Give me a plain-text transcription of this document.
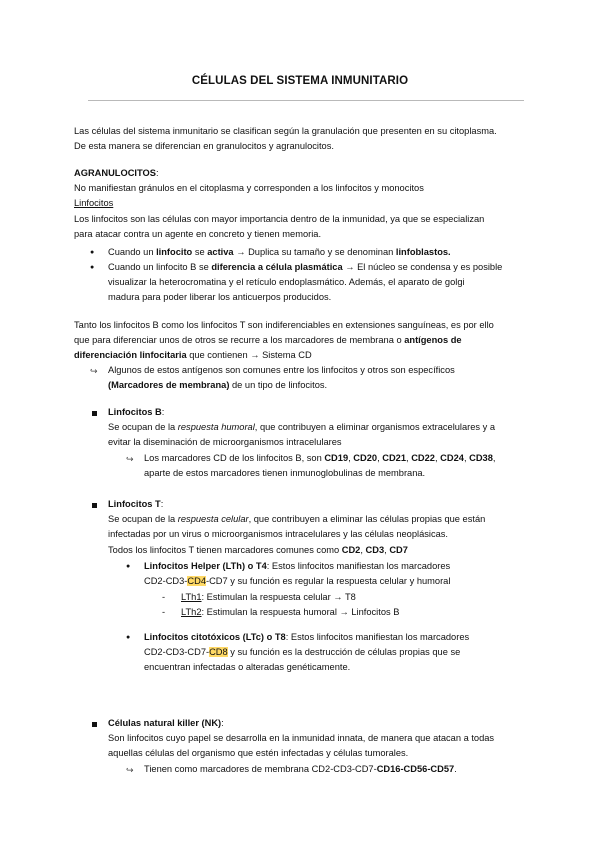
CÉLULAS DEL SISTEMA INMUNITARIO

Las células del sistema inmunitario se clasifican según la granulación que presenten en su citoplasma.

De esta manera se diferencian en granulocitos y agranulocitos.

AGRANULOCITOS:

No manifiestan gránulos en el citoplasma y corresponden a los linfocitos y monocitos

Linfocitos

Los linfocitos son las células con mayor importancia dentro de la inmunidad, ya que se especializan

para atacar contra un agente en concreto y tienen memoria.

● Cuando un linfocito se activa → Duplica su tamaño y se denominan linfoblastos.

● Cuando un linfocito B se diferencia a célula plasmática → El núcleo se condensa y es posible

visualizar la heterocromatina y el retículo endoplasmático. Además, el aparato de golgi

madura para poder liberar los anticuerpos producidos.

Tanto los linfocitos B como los linfocitos T son indiferenciables en extensiones sanguíneas, es por ello

que para diferenciar unos de otros se recurre a los marcadores de membrana o antígenos de

diferenciación linfocitaria que contienen → Sistema CD

↪ Algunos de estos antígenos son comunes entre los linfocitos y otros son específicos

(Marcadores de membrana) de un tipo de linfocitos.

Linfocitos B:

Se ocupan de la respuesta humoral, que contribuyen a eliminar organismos extracelulares y a

evitar la diseminación de microorganismos intracelulares

↪ Los marcadores CD de los linfocitos B, son CD19, CD20, CD21, CD22, CD24, CD38,

aparte de estos marcadores tienen inmunoglobulinas de membrana.

Linfocitos T:

Se ocupan de la respuesta celular, que contribuyen a eliminar las células propias que están

infectadas por un virus o microorganismos intracelulares y las células neoplásicas.

Todos los linfocitos T tienen marcadores comunes como CD2, CD3, CD7

● Linfocitos Helper (LTh) o T4: Estos linfocitos manifiestan los marcadores

CD2-CD3-CD4-CD7 y su función es regular la respuesta celular y humoral

- LTh1: Estimulan la respuesta celular → T8

- LTh2: Estimulan la respuesta humoral → Linfocitos B

● Linfocitos citotóxicos (LTc) o T8: Estos linfocitos manifiestan los marcadores

CD2-CD3-CD7-CD8 y su función es la destrucción de células propias que se

encuentran infectadas o alteradas genéticamente.

Células natural killer (NK):

Son linfocitos cuyo papel se desarrolla en la inmunidad innata, de manera que atacan a todas

aquellas células del organismo que estén infectadas y células tumorales.

↪ Tienen como marcadores de membrana CD2-CD3-CD7-CD16-CD56-CD57.
